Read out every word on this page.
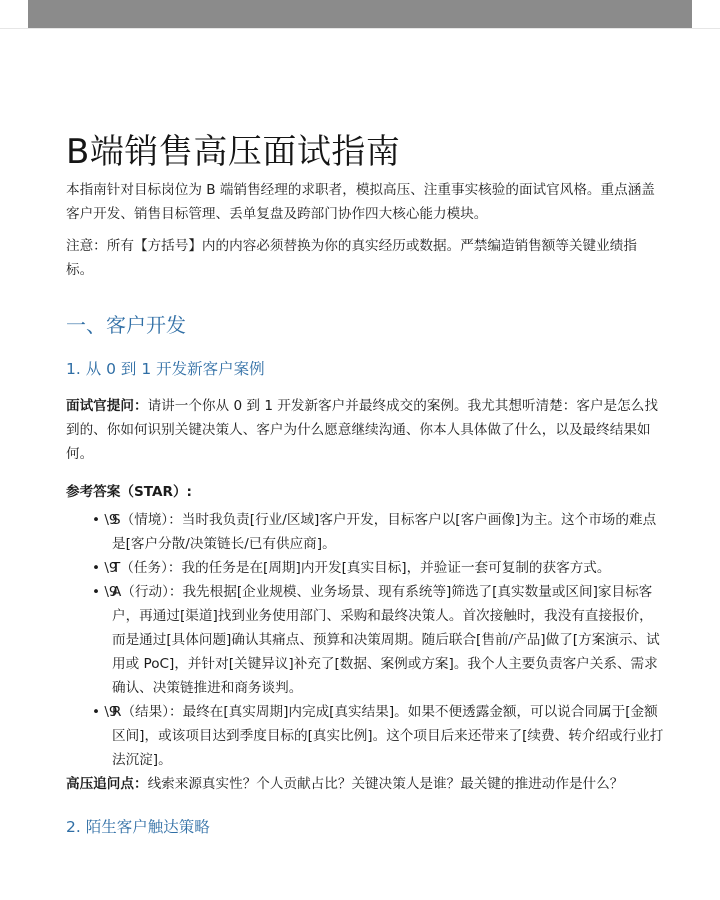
B端销售高压面试指南

本指南针对目标岗位为 B 端销售经理的求职者，模拟高压、注重事实核验的面试官风格。重点涵盖客户开发、销售目标管理、丢单复盘及跨部门协作四大核心能力模块。

注意：所有【方括号】内的内容必须替换为你的真实经历或数据。严禁编造销售额等关键业绩指标。

一、客户开发
1. 从 0 到 1 开发新客户案例

面试官提问：请讲一个你从 0 到 1 开发新客户并最终成交的案例。我尤其想听清楚：客户是怎么找到的、你如何识别关键决策人、客户为什么愿意继续沟通、你本人具体做了什么，以及最终结果如何。

参考答案（STAR）:

• \9
S（情境）：当时我负责[行业/区域]客户开发，目标客户以[客户画像]为主。这个市场的难点是[客户分散/决策链长/已有供应商]。
• \9
T（任务）：我的任务是在[周期]内开发[真实目标]，并验证一套可复制的获客方式。
• \9
A（行动）：我先根据[企业规模、业务场景、现有系统等]筛选了[真实数量或区间]家目标客户，再通过[渠道]找到业务使用部门、采购和最终决策人。首次接触时，我没有直接报价，而是通过[具体问题]确认其痛点、预算和决策周期。随后联合[售前/产品]做了[方案演示、试用或 PoC]，并针对[关键异议]补充了[数据、案例或方案]。我个人主要负责客户关系、需求确认、决策链推进和商务谈判。
• \9
R（结果）：最终在[真实周期]内完成[真实结果]。如果不便透露金额，可以说合同属于[金额区间]，或该项目达到季度目标的[真实比例]。这个项目后来还带来了[续费、转介绍或行业打法沉淀]。

高压追问点：线索来源真实性？个人贡献占比？关键决策人是谁？最关键的推进动作是什么？

2. 陌生客户触达策略
